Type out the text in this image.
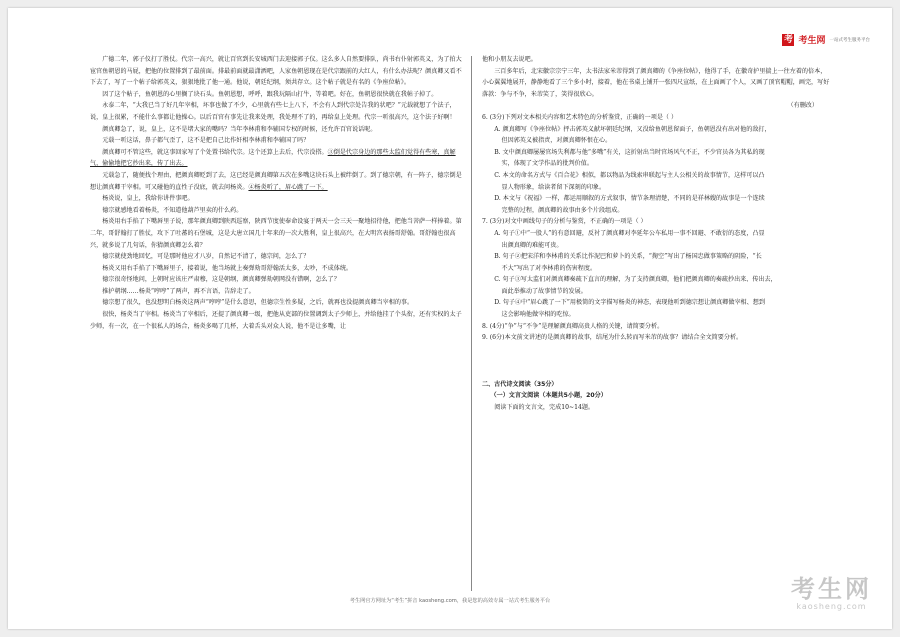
考 考生网 一站式考生服务平台

广德二年，郭子仪打了胜仗。代宗一高兴，就让百官到长安城西门去迎接郭子仪。这么多人自然要排队，尚书右仆射郭英义，为了拍大宦官鱼朝恩的马屁，把他的位置排到了最前面。排最前面就最潇洒吧，人家鱼朝恩现在是代宗跟前的大红人，有什么办法呢？颜真卿又看不下去了，写了一个帖子给郭英义，狠狠地批了他一通。他说，朝廷纪纲，须共存立。这个帖子就是有名的《争座位帖》。

因了这个帖子，鱼朝恩的心里搁了块石头。鱼朝恩想，呼呼，跟我玩隔山打牛，等着吧。好在，鱼朝恩很快就在我帖子掉了。

永泰二年，“大我已当了好几年宰相，坏事也做了不少，心里就有些七上八下，不会有人到代宗处告我的状吧？”元载就想了个法子，说，皇上很累，不能什么事都让他操心。以后百官有事先让我来处理，我处理不了的，再给皇上处理。代宗一听很高兴，这个法子好啊！

颜真卿急了，说，皇上，这不是堵大家的嘴吗？当年李林甫和李辅国专权的时候，还允许百官说话呢。

元载一听这话，鼻子都气歪了，这不是把自己比作奸相李林甫和李辅国了吗？

颜真卿可不管这些，就这事回家写了个处置书给代宗。这个还算上去后，代宗没搭。③倒是代宗身边的那些太监们觉得有些寒，真解气，偷偷地把它抄出来，传了出去。

元载急了，随便找个理由，把颜真卿贬到了去，这已经是颜真卿第五次在多嘴这块石头上被绊倒了。到了德宗朝，有一阵子，德宗倒是想让颜真卿干宰相。可又碰他的直性子没底，就去问杨炎。④杨炎听了，眉心跳了一下。

杨炎说，皇上，我给你讲件事吧。

德宗就感地看着杨炎，不知道他葫芦里卖的什么药。

杨炎用右手掐了下嘴唇里子说，那年颜真卿到陕西巡察，陕西节度使奉命设宴于两天一会三天一聚地招待他，把他当菩萨一样捧着。第二年，哥舒翰打了胜仗，攻下了吐蕃的石堡城，这是大唐立国几十年来的一次大胜利，皇上很高兴，在大明宫表扬哥舒翰。哥舒翰也很高兴，就多说了几句话，你猜颜真卿怎么着？

德宗就使劲地回忆，可是那时他应才八岁，自然记不清了，德宗问，怎么了？

杨炎又用右手掐了下嘴唇里子，接着说，他当场就上奏弹劾哥舒翰活太多，太吵，不成体统。

德宗很奇怪地问，上朝时应该庄严肃穆，这是朝纲，颜真卿弹劾朝网没有错啊，怎么了？

推护朝纲……杨炎“哼哼”了两声，再不言语，告辞走了。

德宗想了很久，也没想明白杨炎这两声“哼哼”是什么意思，但德宗生性多疑，之后，就再也没提颜真卿当宰相的事。

很快，杨炎当了宰相。杨炎当了宰相后，还提了颜真卿一级，把他从吏部的位置调到太子少师上，并给他挂了个头衔，还有实权的太子少师，有一次，在一个很私人的场合，杨炎多喝了几杯，大着舌头对众人说，他不是让多嘴，让

他和小朋友去说吧。

三百多年后，北宋徽宗宗宁三年，太书法家米芾得到了颜真卿的《争座位帖》，他得了手，在徽奇护里揣上一往左着的倍本，小心翼翼地展开，静静地看了三个多小时，接着，他在书桌上铺开一张四尺宣纸，在上面画了个人，又画了顶官帽帽，画完，写好落款：争与不争，米芾笑了，笑得很欣心。

（有删改）

6. (3分)下列对文本相关内容和艺术特色的分析鉴赏，正确的一项是（ ）

A. 颜真卿写《争座位帖》抨击郭英义献坏朝廷纪纲，又没给鱼朝恩留面子，鱼朝恩没有出对他的敌打，

但因郭英义被指责，对颜真卿怀恨在心。

B. 文中颜真卿屡屡官场失利都与他“多嘴”有关，这折射出当时官场风气不正，不少官员各为其私的现

实，体现了文学作品的批判价值。

C. 本文的命名方式与《百合花》相似，都以物品为线索串联起与主人公相关的故事情节，这样可以凸

显人物形象，给读者留下深刻的印象。

D. 本文与《祝福》一样，都运用顺叙的方式叙事，情节条理清楚，不同的是祥林嫂的故事是一个连续

完整的过程，颜真卿的故事由多个片段组成。

7. (3分)对文中画线句子的分析与鉴赏，不正确的一项是（ ）

A. 句子①中“一股人”的有意回避，反衬了颜真卿对李延年公车私用一事不回避、不敢衍的态度，凸显

出颜真卿的难能可贵。

B. 句子②把宋洋和李林甫的关系比作泥巴和萝卜的关系，“掬空”写出了杨国忠做事策略的阴险，“长

不大”写出了对李林甫的伤害程度。

C. 句子③写太监们对颜真卿奏疏下直言的理解，为了支持颜真卿，他们把颜真卿的奏疏抄出来、传出去，

面此举推动了故事情节的发展。

D. 句子④中“眉心跳了一下”用极简的文字描写杨炎的神态，表现他听到德宗想让颜真卿做宰相、想到

这会影响他做宰相的吃惊。

8. (4分)“争”与“不争”是理解颜真卿高贵人格的关键，请简要分析。

9. (6分)本文前文讲述的是颜真卿的故事，结尾为什么转而写米芾的故事？请结合全文简要分析。

二、古代诗文阅读（35分）

（一）文言文阅读（本题共5小题，20分）

阅读下面的文言文，完成10~14题。

考生网官方网址为“考生”拼音 kaosheng.com，我是您的高效专属一站式考生服务平台	考生网
kaosheng.com
